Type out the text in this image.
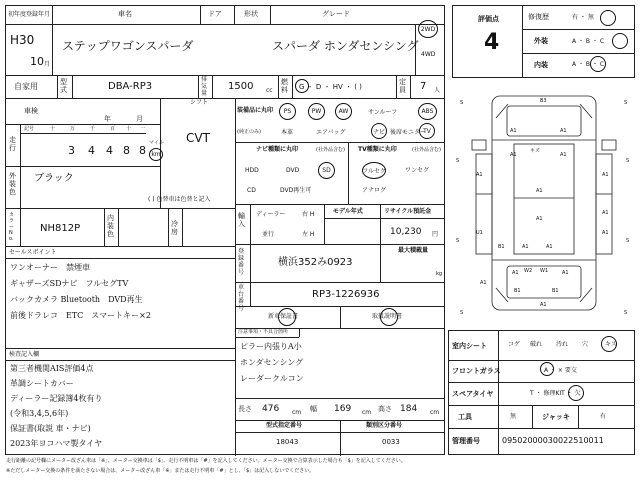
初年度登録年月	車名	ドア	形状	グレード
H30
10 月
ステップワゴンスパーダ	スパーダ ホンダセンシング
2WD
4WD
自家用	型式	DBA-RP3
排気量
1500 cc
燃料 G ・ D ・ HV ・ ( )
定員 7 人
車検
年	月
シフト
CVT
走行
記号	十	万	千	百 十 一
3 4 4 8 8
マイル
km
外装色
ブラック
( ) 色替車は色替と記入
カラーNo.
NH812P
内装色
冷房
セールスポイント
ワンオーナー　禁煙車
ギャザーズSDナビ　フルセグTV
バックカメラ Bluetooth　DVD再生
前後ドラレコ　ETC　スマートキー×2
検査記入欄
第三者機関AIS評価4点
革調シートカバー
ディーラー記録簿4枚有り
(令和3,4,5,6年)
保証書(取説 車・ナビ)
2023年ヨコハマ製タイヤ
装備品に丸印
(純正のみ)
PS	PW	AW	サンルーフ	ABS
本革	エアバッグ	ナビ 後席モニター
TV
ナビ種類に丸印	(社外品含む)
HDD	DVD	SD
CD	DVD再生可
TV種類に丸印	(社外品含む)
フルセグ	ワンセグ
アナログ
輸入
ディーラー
並行
右 H
左 H
モデル年式	リサイクル預託金
10,230 円
登録番号
横浜352み0923
最大積載量
kg
車台番号
RP3-1226936
新車保証書	取扱説明書
注意事項・不具合箇所
ピラー内張りA小
ホンダセンシング
レーダークルコン
長さ 476 cm 幅 169 cm 高さ 184 cm
型式指定番号
18043
類別区分番号
0033
評価点
4
修復歴	有 ・ 無
外装	A ・ B ・ C
内装	A ・ B ・ C
S	S
S	S
S	S
S	S
B3
A1	A1
A1	A1
A1	A1
A1
U1
A1
A1
B1	A1	A1
A1
A1 W2 W1	A1
B1	B1
A1
A1
キズ
室内シート	コゲ 破れ 汚れ 穴	キズ
フロントガラス	A ・ × 要交
スペアタイヤ	T ・ 修理KIT ・ 欠
工具	無	ジャッキ	有
管理番号	09502000030022510011
走行距離の記号欄にメーター改ざん車は「※」、メーター交換車は「$」、走行不明車は「#」を記入してください。メーター交換で合算表示した場合も「$」を記入してください。
※ただしメーター交換の条件を満たさない場合は、メーター改ざん車「※」または走行不明車「#」とし、「$」は記入しないでください。
